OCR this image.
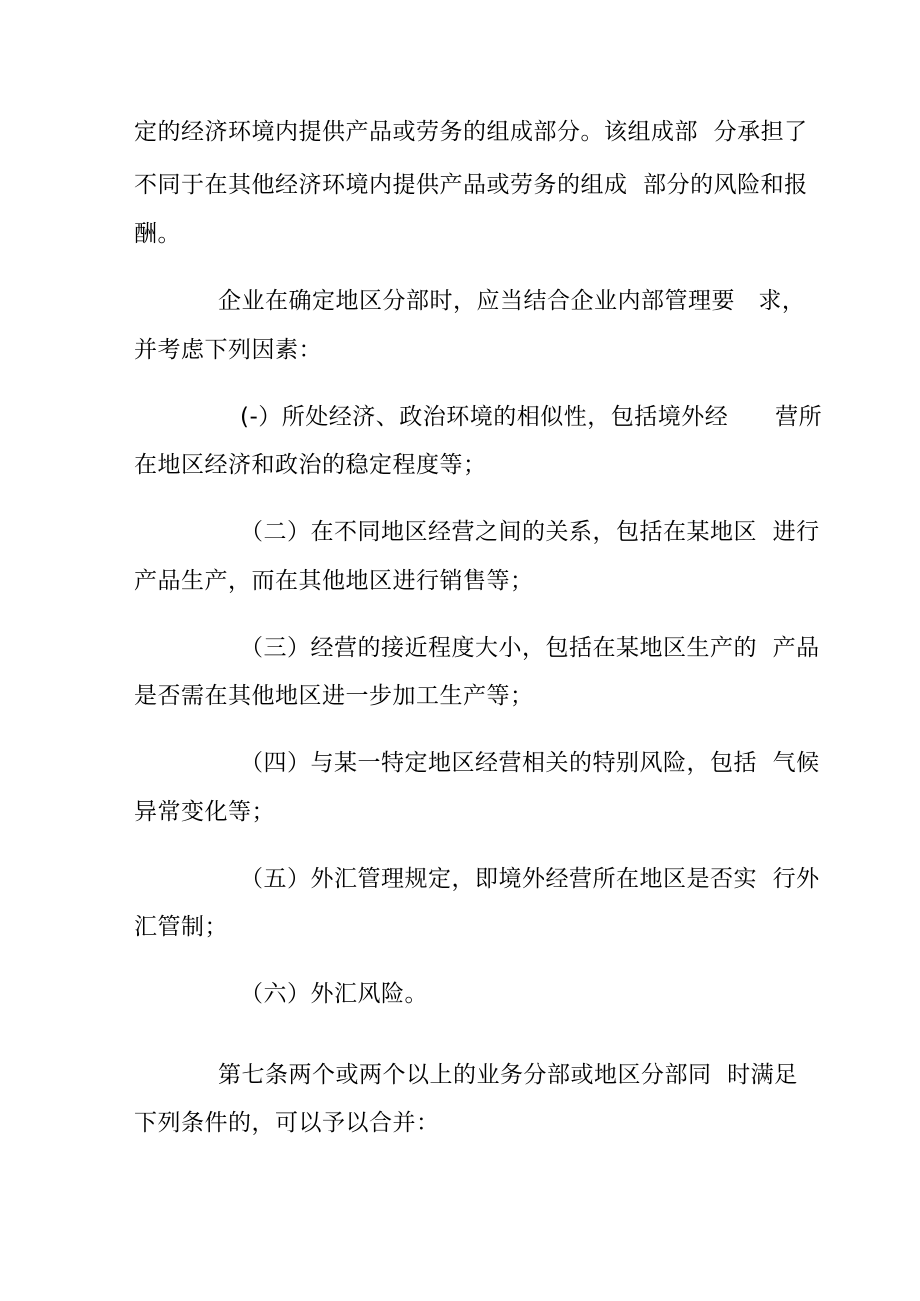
定的经济环境内提供产品或劳务的组成部分。该组成部  分承担了
不同于在其他经济环境内提供产品或劳务的组成  部分的风险和报
酬。
企业在确定地区分部时，应当结合企业内部管理要   求，
并考虑下列因素：
(-）所处经济、政治环境的相似性，包括境外经      营所
在地区经济和政治的稳定程度等；
（二）在不同地区经营之间的关系，包括在某地区  进行
产品生产，而在其他地区进行销售等；
（三）经营的接近程度大小，包括在某地区生产的  产品
是否需在其他地区进一步加工生产等；
（四）与某一特定地区经营相关的特别风险，包括  气候
异常变化等；
（五）外汇管理规定，即境外经营所在地区是否实  行外
汇管制；
（六）外汇风险。
第七条两个或两个以上的业务分部或地区分部同  时满足
下列条件的，可以予以合并：
